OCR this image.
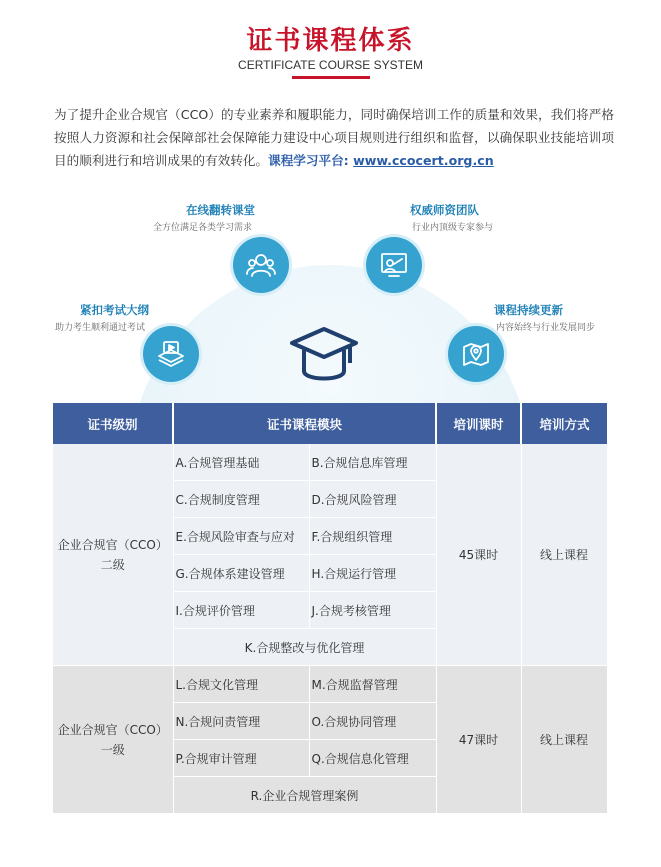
证书课程体系
CERTIFICATE COURSE SYSTEM
为了提升企业合规官（CCO）的专业素养和履职能力，同时确保培训工作的质量和效果，我们将严格按照人力资源和社会保障部社会保障能力建设中心项目规则进行组织和监督，以确保职业技能培训项目的顺利进行和培训成果的有效转化。课程学习平台: www.ccocert.org.cn
紧扣考试大纲
助力考生顺利通过考试
在线翻转课堂
全方位满足各类学习需求
权威师资团队
行业内顶级专家参与
课程持续更新
内容始终与行业发展同步
证书级别	证书课程模块		培训课时	培训方式

企业合规官（CCO）
二级	A.合规管理基础	B.合规信息库管理	45课时	线上课程
	C.合规制度管理	D.合规风险管理		
	E.合规风险审查与应对	F.合规组织管理		
	G.合规体系建设管理	H.合规运行管理		
	I.合规评价管理	J.合规考核管理		
	K.合规整改与优化管理			

企业合规官（CCO）
一级	L.合规文化管理	M.合规监督管理	47课时	线上课程
	N.合规问责管理	O.合规协同管理		
	P.合规审计管理	Q.合规信息化管理		
	R.企业合规管理案例			
